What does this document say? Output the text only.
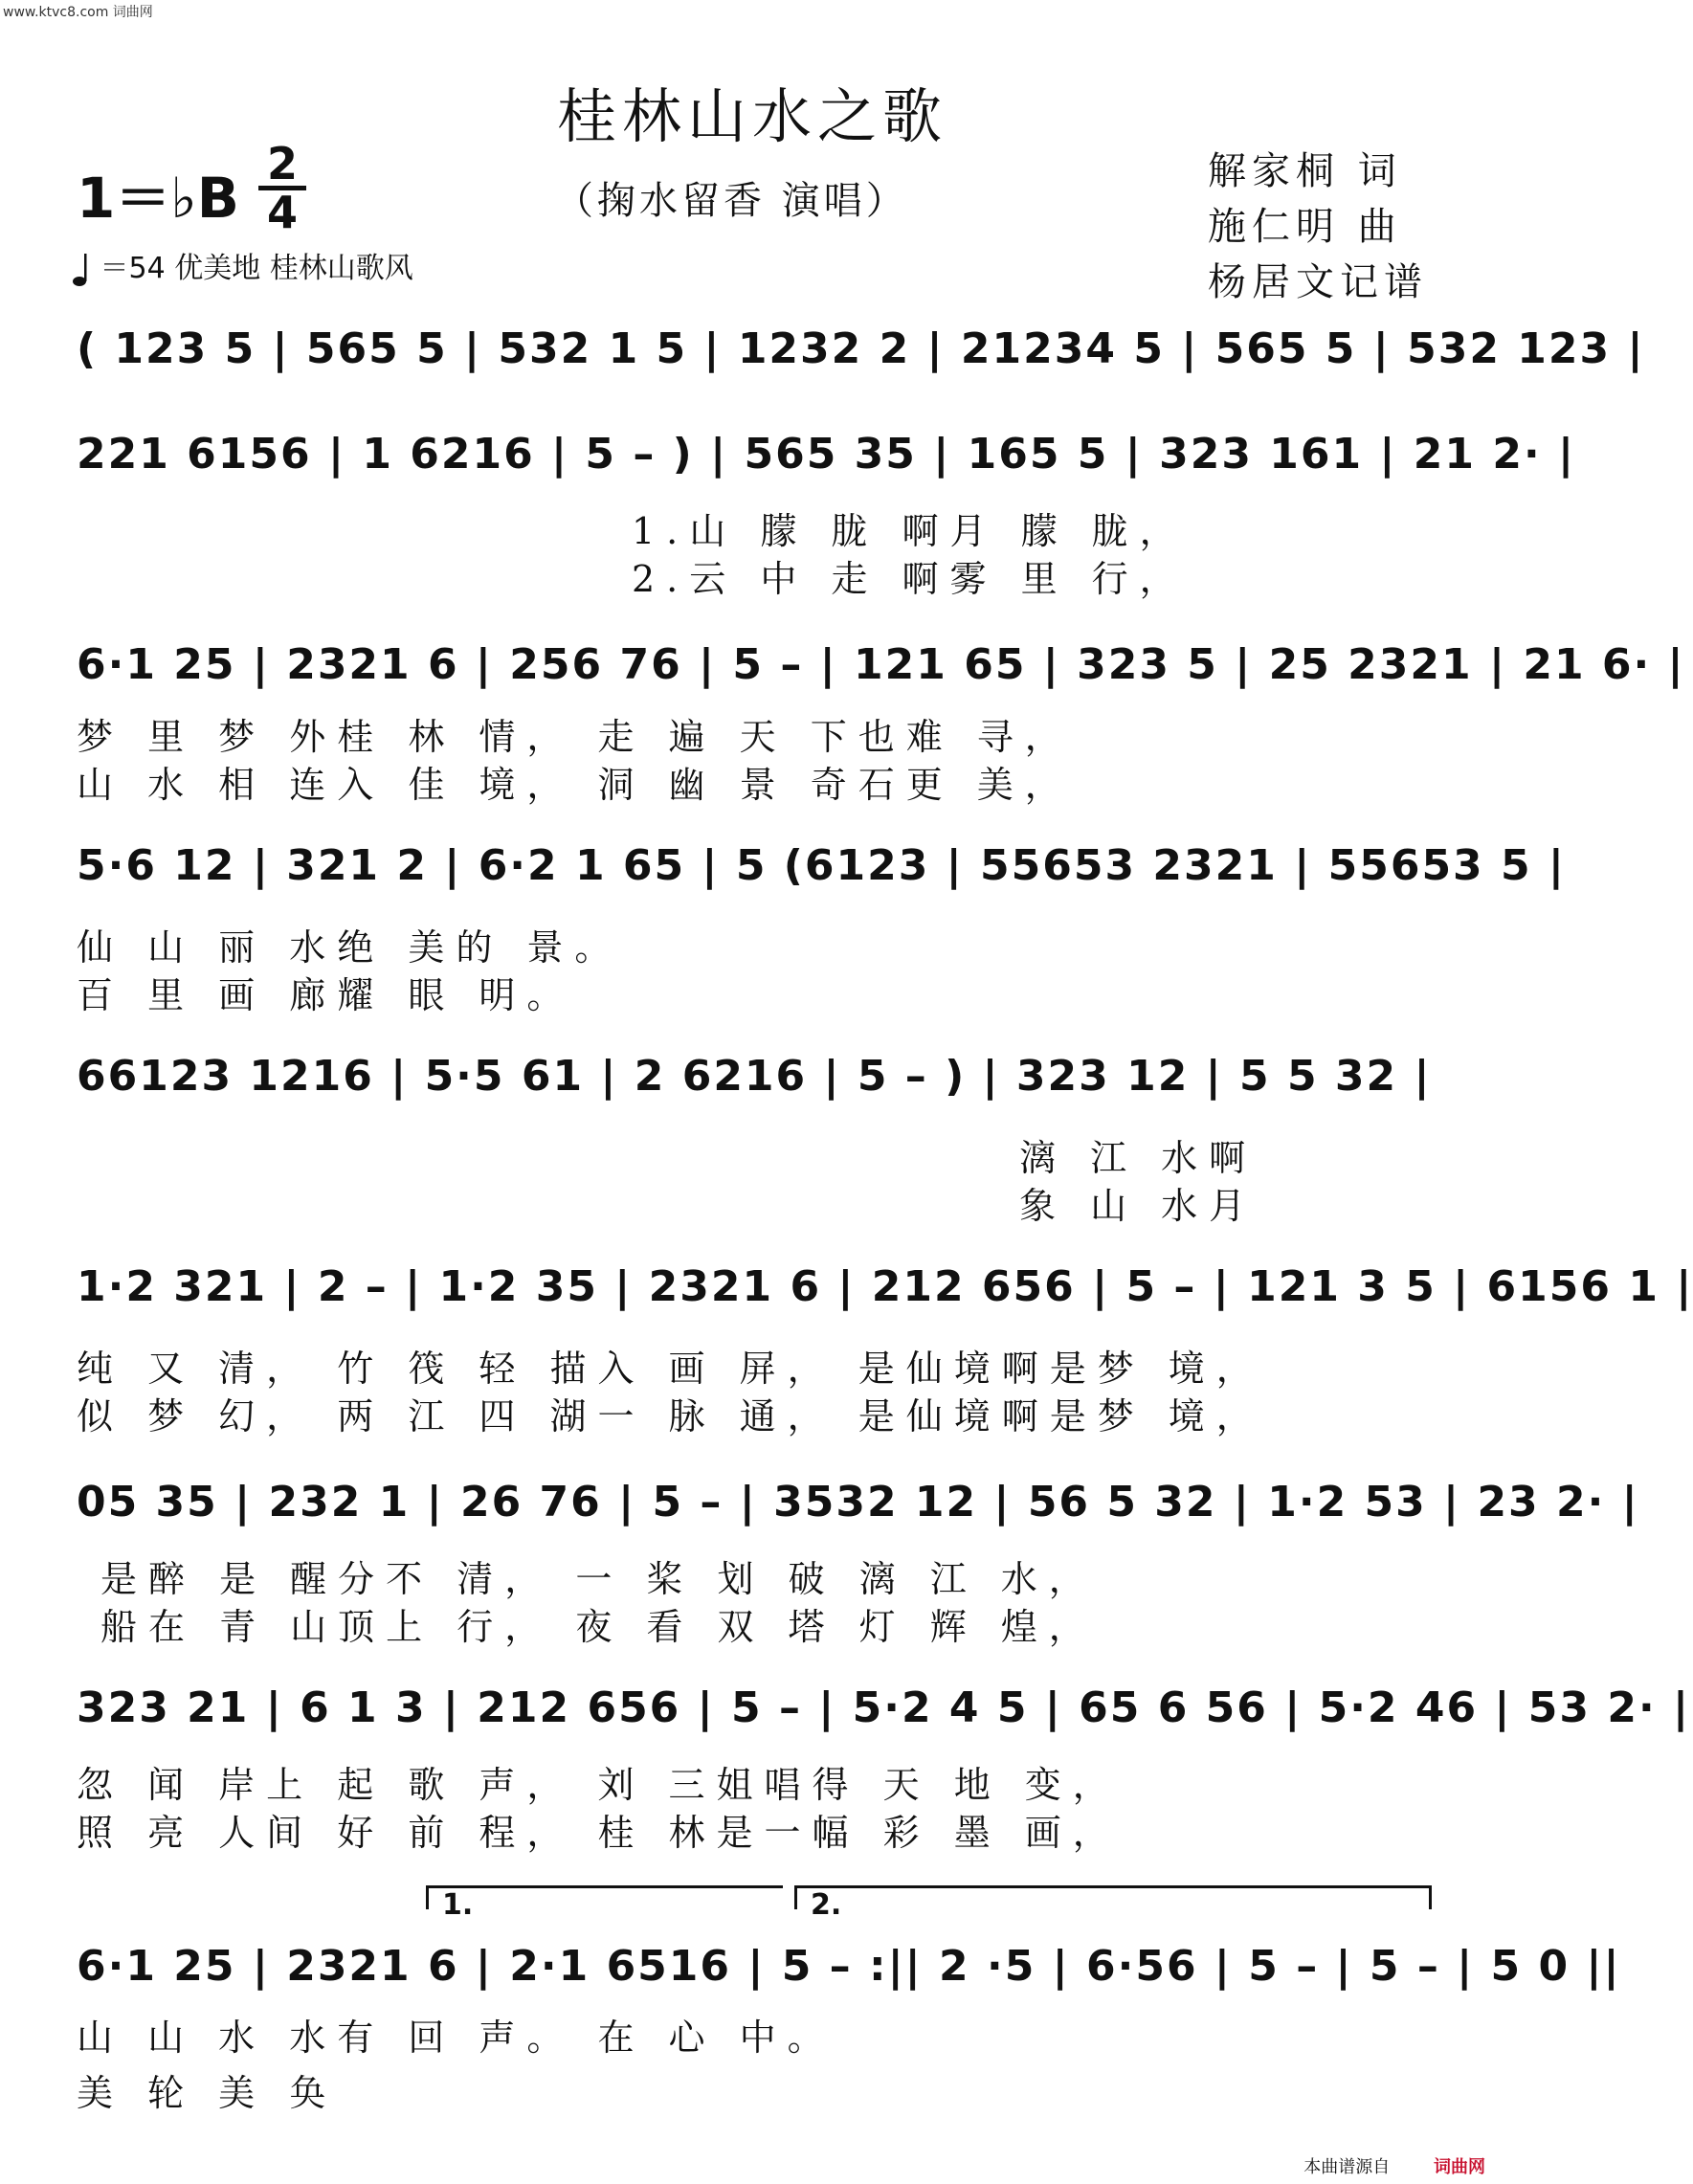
www.ktvc8.com 词曲网
桂林山水之歌
1＝♭B
2
4	（掬水留香 演唱）
解家桐 词
施仁明 曲
杨居文记谱
＝54 优美地 桂林山歌风
( 123 5 | 565 5 | 532 1 5 | 1232 2 | 21234 5 | 565 5 | 532 123 |
221 6156 | 1 6216 | 5 – ) | 565 35 | 165 5 | 323 161 | 21 2· |
1.山 朦 胧 啊月 朦 胧，
2.云 中 走 啊雾 里 行，
6·1 25 | 2321 6 | 256 76 | 5 – | 121 65 | 323 5 | 25 2321 | 21 6· |
梦 里 梦 外桂 林 情， 走 遍 天 下也难 寻，
山 水 相 连入 佳 境， 洞 幽 景 奇石更 美，
5·6 12 | 321 2 | 6·2 1 65 | 5 (6123 | 55653 2321 | 55653 5 |
仙 山 丽 水绝 美的 景。
百 里 画 廊耀 眼 明。
66123 1216 | 5·5 61 | 2 6216 | 5 – ) | 323 12 | 5 5 32 |
漓 江 水啊
象 山 水月
1·2 321 | 2 – | 1·2 35 | 2321 6 | 212 656 | 5 – | 121 3 5 | 6156 1 |
纯 又 清， 竹 筏 轻 描入 画 屏， 是仙境啊是梦 境，
似 梦 幻， 两 江 四 湖一 脉 通， 是仙境啊是梦 境，
05 35 | 232 1 | 26 76 | 5 – | 3532 12 | 56 5 32 | 1·2 53 | 23 2· |
是醉 是 醒分不 清， 一 桨 划 破 漓 江 水，
船在 青 山顶上 行， 夜 看 双 塔 灯 辉 煌，
323 21 | 6 1 3 | 212 656 | 5 – | 5·2 4 5 | 65 6 56 | 5·2 46 | 53 2· |
忽 闻 岸上 起 歌 声， 刘 三姐唱得 天 地 变，
照 亮 人间 好 前 程， 桂 林是一幅 彩 墨 画，
1.	2.
6·1 25 | 2321 6 | 2·1 6516 | 5 – :|| 2 ·5 | 6·56 | 5 – | 5 – | 5 0 ||
山 山 水 水有 回 声。 在 心 中。
美 轮 美 奂
本曲谱源自	词曲网
